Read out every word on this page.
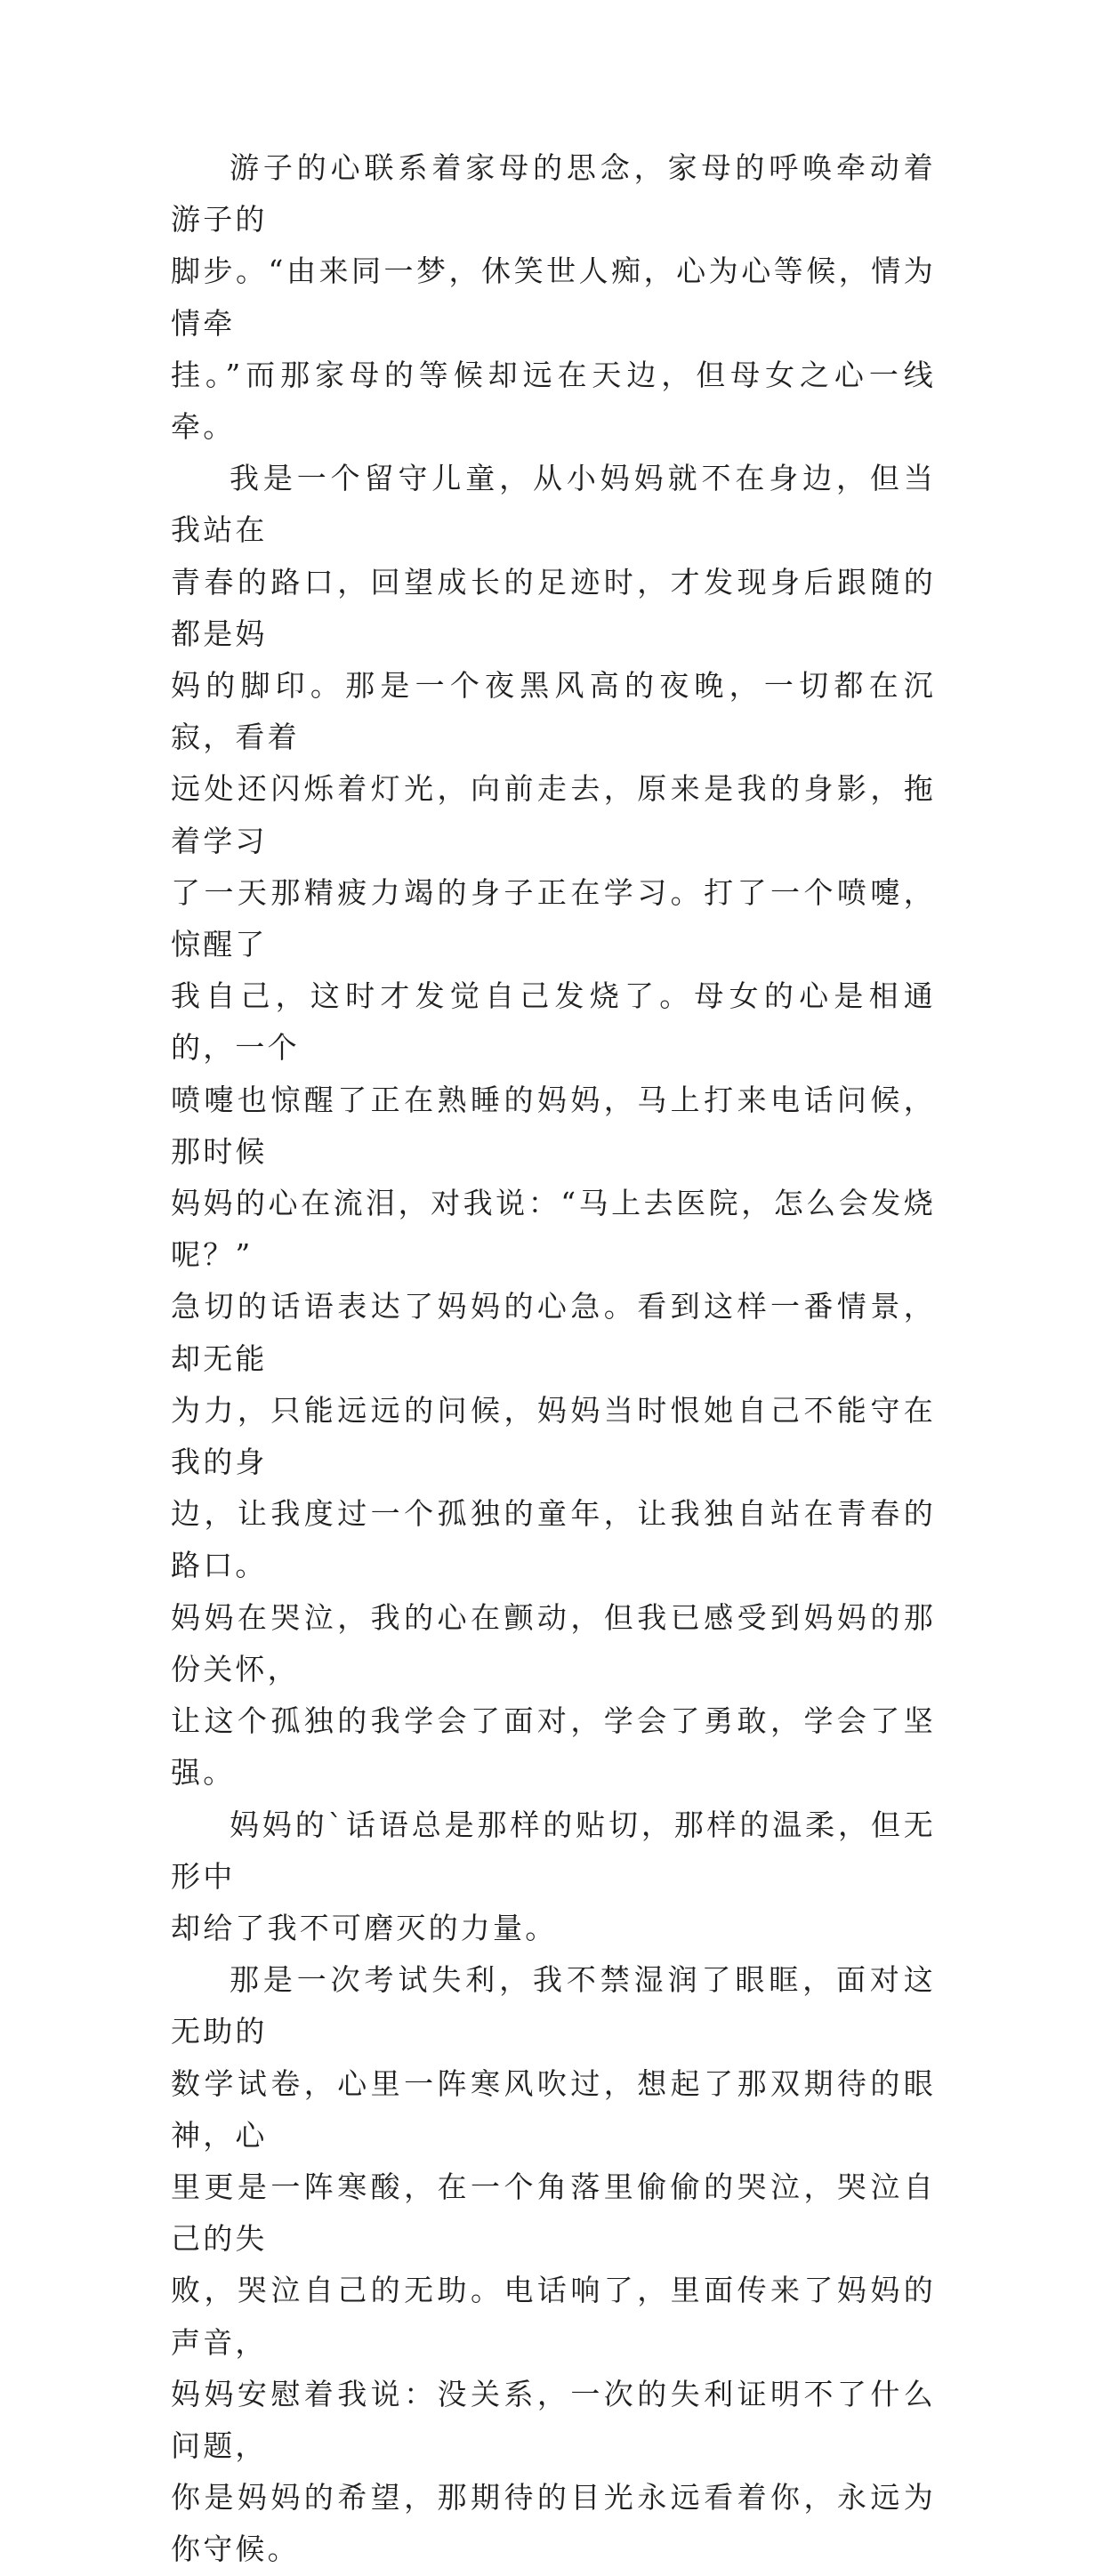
游子的心联系着家母的思念，家母的呼唤牵动着游子的
脚步。“由来同一梦，休笑世人痴，心为心等候，情为情牵
挂。”而那家母的等候却远在天边，但母女之心一线牵。

我是一个留守儿童，从小妈妈就不在身边，但当我站在
青春的路口，回望成长的足迹时，才发现身后跟随的都是妈
妈的脚印。那是一个夜黑风高的夜晚，一切都在沉寂，看着
远处还闪烁着灯光，向前走去，原来是我的身影，拖着学习
了一天那精疲力竭的身子正在学习。打了一个喷嚏，惊醒了
我自己，这时才发觉自己发烧了。母女的心是相通的，一个
喷嚏也惊醒了正在熟睡的妈妈，马上打来电话问候，那时候
妈妈的心在流泪，对我说：“马上去医院，怎么会发烧呢？”
急切的话语表达了妈妈的心急。看到这样一番情景，却无能
为力，只能远远的问候，妈妈当时恨她自己不能守在我的身
边，让我度过一个孤独的童年，让我独自站在青春的路口。
妈妈在哭泣，我的心在颤动，但我已感受到妈妈的那份关怀，
让这个孤独的我学会了面对，学会了勇敢，学会了坚强。

妈妈的`话语总是那样的贴切，那样的温柔，但无形中
却给了我不可磨灭的力量。

那是一次考试失利，我不禁湿润了眼眶，面对这无助的
数学试卷，心里一阵寒风吹过，想起了那双期待的眼神，心
里更是一阵寒酸，在一个角落里偷偷的哭泣，哭泣自己的失
败，哭泣自己的无助。电话响了，里面传来了妈妈的声音，
妈妈安慰着我说：没关系，一次的失利证明不了什么问题，
你是妈妈的希望，那期待的目光永远看着你，永远为你守候。
